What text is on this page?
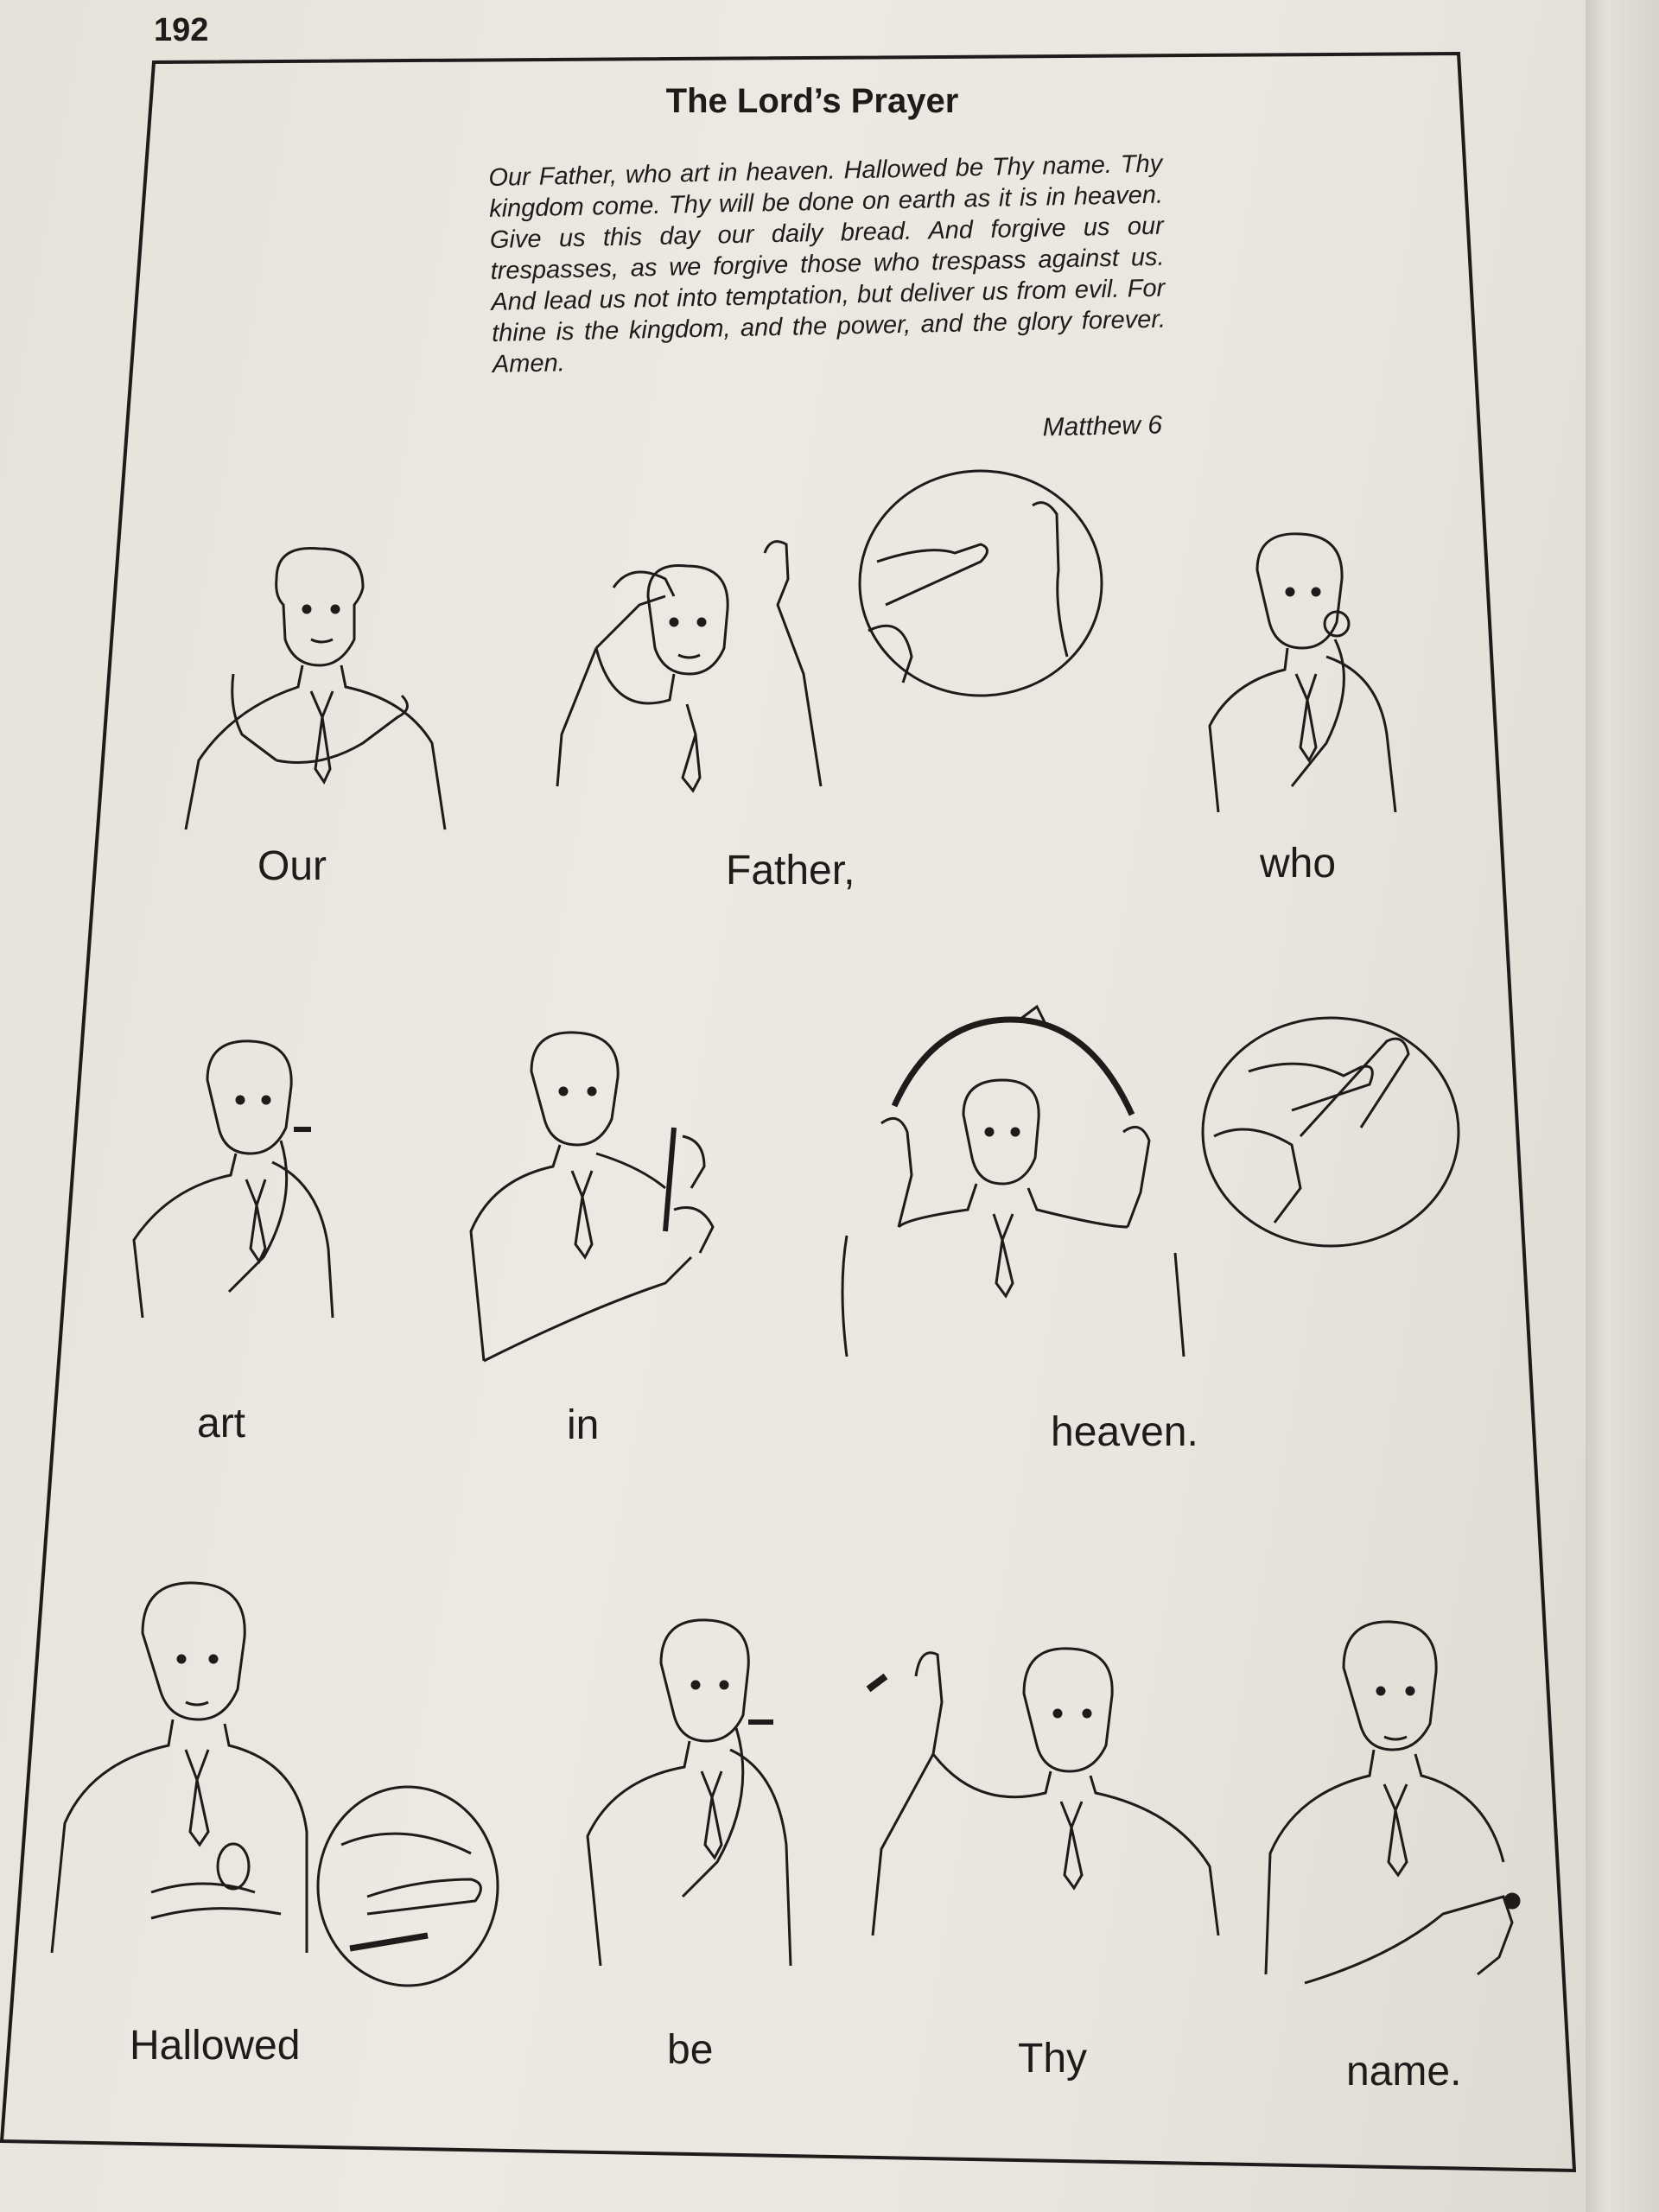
192
The Lord’s Prayer
Our Father, who art in heaven. Hallowed be Thy name. Thy kingdom come. Thy will be done on earth as it is in heaven. Give us this day our daily bread. And forgive us our trespasses, as we forgive those who trespass against us. And lead us not into temptation, but deliver us from evil. For thine is the kingdom, and the power, and the glory forever. Amen.
Matthew 6
Our	Father,	who
art	in	heaven.
Hallowed	be	Thy	name.
